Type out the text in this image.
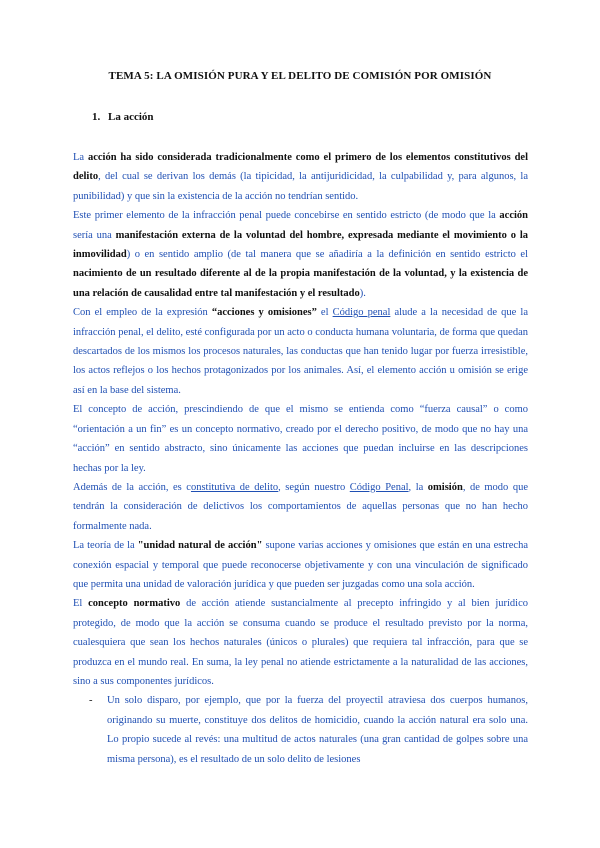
TEMA 5: LA OMISIÓN PURA Y EL DELITO DE COMISIÓN POR OMISIÓN
1. La acción

La acción ha sido considerada tradicionalmente como el primero de los elementos constitutivos del delito, del cual se derivan los demás (la tipicidad, la antijuridicidad, la culpabilidad y, para algunos, la punibilidad) y que sin la existencia de la acción no tendrían sentido.

Este primer elemento de la infracción penal puede concebirse en sentido estricto (de modo que la acción sería una manifestación externa de la voluntad del hombre, expresada mediante el movimiento o la inmovilidad) o en sentido amplio (de tal manera que se añadiría a la definición en sentido estricto el nacimiento de un resultado diferente al de la propia manifestación de la voluntad, y la existencia de una relación de causalidad entre tal manifestación y el resultado).

Con el empleo de la expresión “acciones y omisiones” el Código penal alude a la necesidad de que la infracción penal, el delito, esté configurada por un acto o conducta humana voluntaria, de forma que quedan descartados de los mismos los procesos naturales, las conductas que han tenido lugar por fuerza irresistible, los actos reflejos o los hechos protagonizados por los animales. Así, el elemento acción u omisión se erige así en la base del sistema.

El concepto de acción, prescindiendo de que el mismo se entienda como “fuerza causal” o como “orientación a un fin” es un concepto normativo, creado por el derecho positivo, de modo que no hay una “acción” en sentido abstracto, sino únicamente las acciones que puedan incluirse en las descripciones hechas por la ley.

Además de la acción, es constitutiva de delito, según nuestro Código Penal, la omisión, de modo que tendrán la consideración de delictivos los comportamientos de aquellas personas que no han hecho formalmente nada.

La teoría de la "unidad natural de acción" supone varias acciones y omisiones que están en una estrecha conexión espacial y temporal que puede reconocerse objetivamente y con una vinculación de significado que permita una unidad de valoración jurídica y que pueden ser juzgadas como una sola acción.

El concepto normativo de acción atiende sustancialmente al precepto infringido y al bien jurídico protegido, de modo que la acción se consuma cuando se produce el resultado previsto por la norma, cualesquiera que sean los hechos naturales (únicos o plurales) que requiera tal infracción, para que se produzca en el mundo real. En suma, la ley penal no atiende estrictamente a la naturalidad de las acciones, sino a sus componentes jurídicos.

- Un solo disparo, por ejemplo, que por la fuerza del proyectil atraviesa dos cuerpos humanos, originando su muerte, constituye dos delitos de homicidio, cuando la acción natural era solo una. Lo propio sucede al revés: una multitud de actos naturales (una gran cantidad de golpes sobre una misma persona), es el resultado de un solo delito de lesiones
